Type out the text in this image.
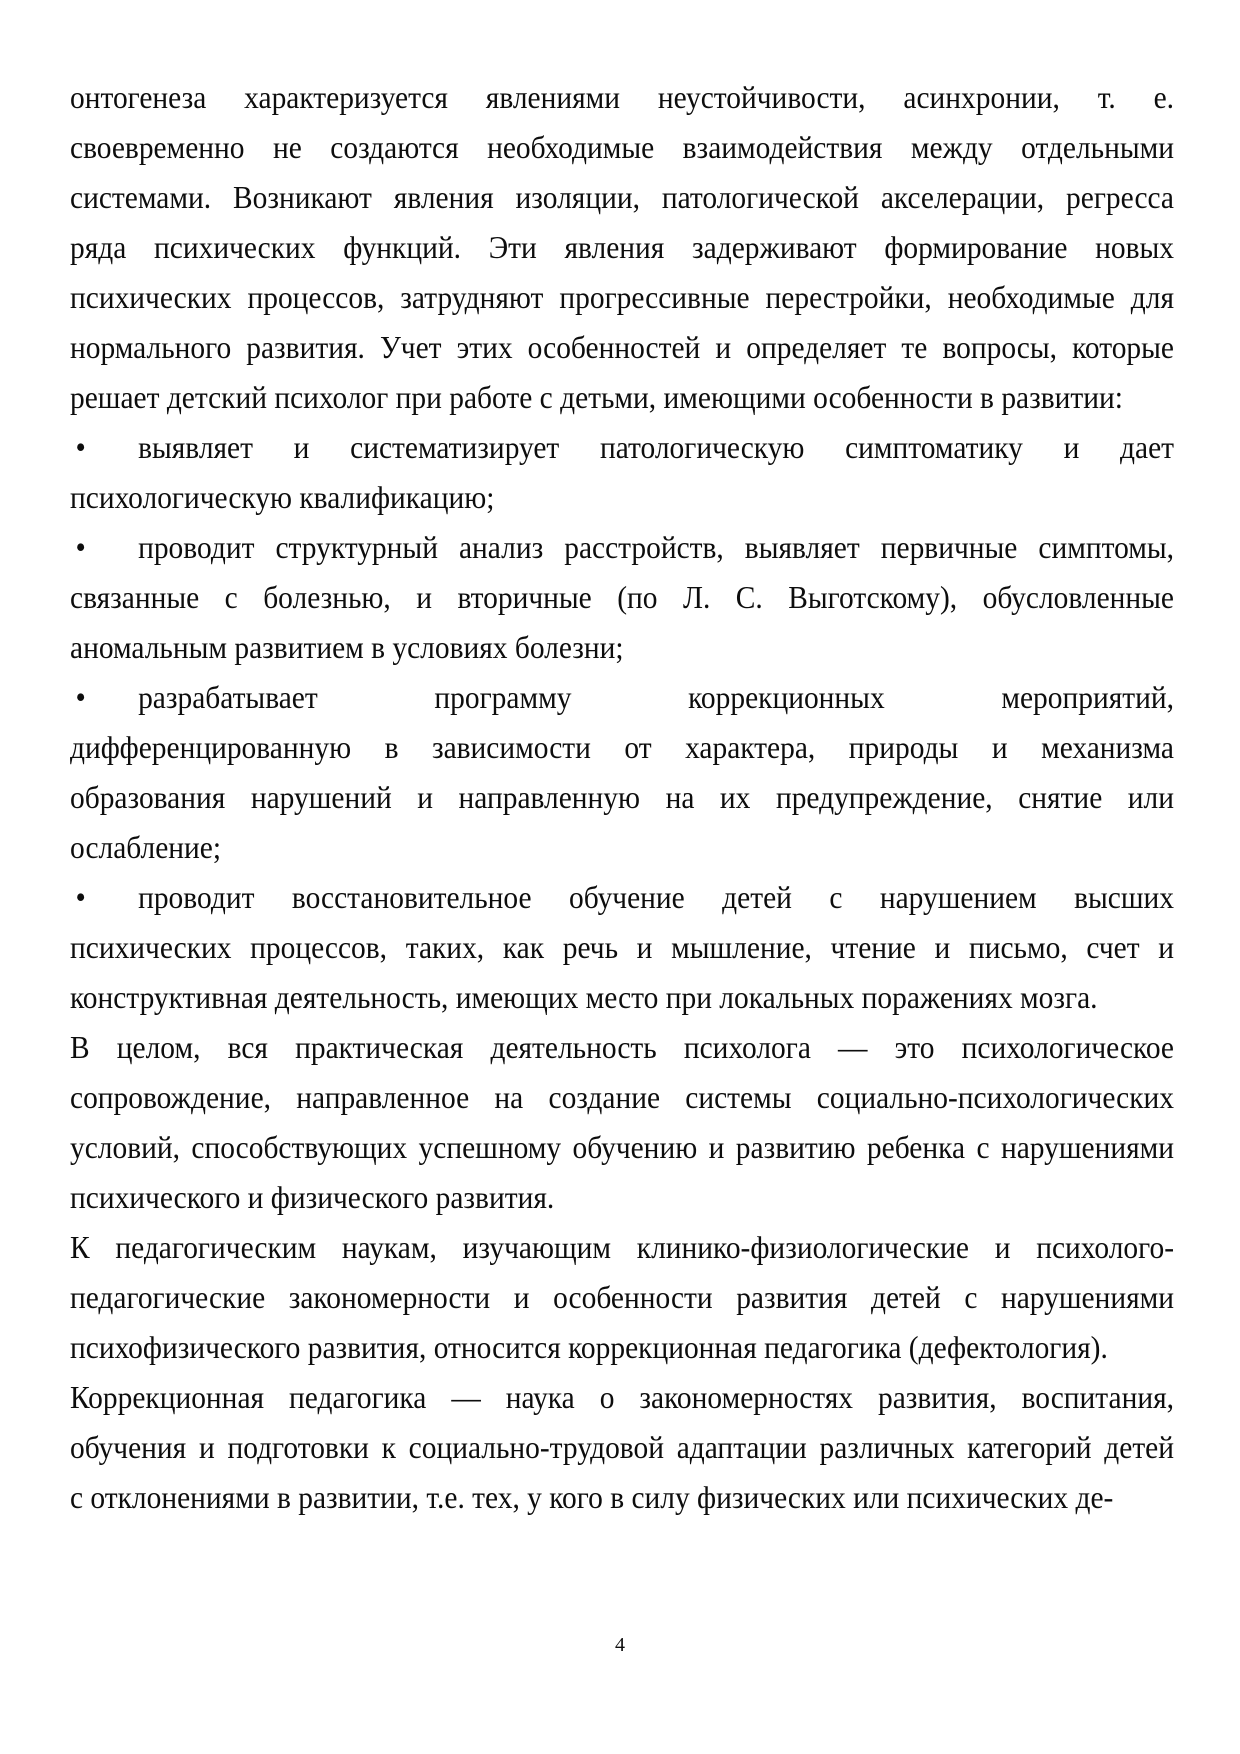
онтогенеза характеризуется явлениями неустойчивости, асинхронии, т. е.
своевременно не создаются необходимые взаимодействия между отдельными
системами. Возникают явления изоляции, патологической акселерации, регресса
ряда психических функций. Эти явления задерживают формирование новых
психических процессов, затрудняют прогрессивные перестройки, необходимые для
нормального развития. Учет этих особенностей и определяет те вопросы, которые
решает детский психолог при работе с детьми, имеющими особенности в развитии:
• выявляет и систематизирует патологическую симптоматику и дает
психологическую квалификацию;
• проводит структурный анализ расстройств, выявляет первичные симптомы,
связанные с болезнью, и вторичные (по Л. С. Выготскому), обусловленные
аномальным развитием в условиях болезни;
• разрабатывает программу коррекционных мероприятий,
дифференцированную в зависимости от характера, природы и механизма
образования нарушений и направленную на их предупреждение, снятие или
ослабление;
• проводит восстановительное обучение детей с нарушением высших
психических процессов, таких, как речь и мышление, чтение и письмо, счет и
конструктивная деятельность, имеющих место при локальных поражениях мозга.
В целом, вся практическая деятельность психолога — это психологическое
сопровождение, направленное на создание системы социально-психологических
условий, способствующих успешному обучению и развитию ребенка с нарушениями
психического и физического развития.
К педагогическим наукам, изучающим клинико-физиологические и психолого-
педагогические закономерности и особенности развития детей с нарушениями
психофизического развития, относится коррекционная педагогика (дефектология).
Коррекционная педагогика — наука о закономерностях развития, воспитания,
обучения и подготовки к социально-трудовой адаптации различных категорий детей
с отклонениями в развитии, т.е. тех, у кого в силу физических или психических де-
4
